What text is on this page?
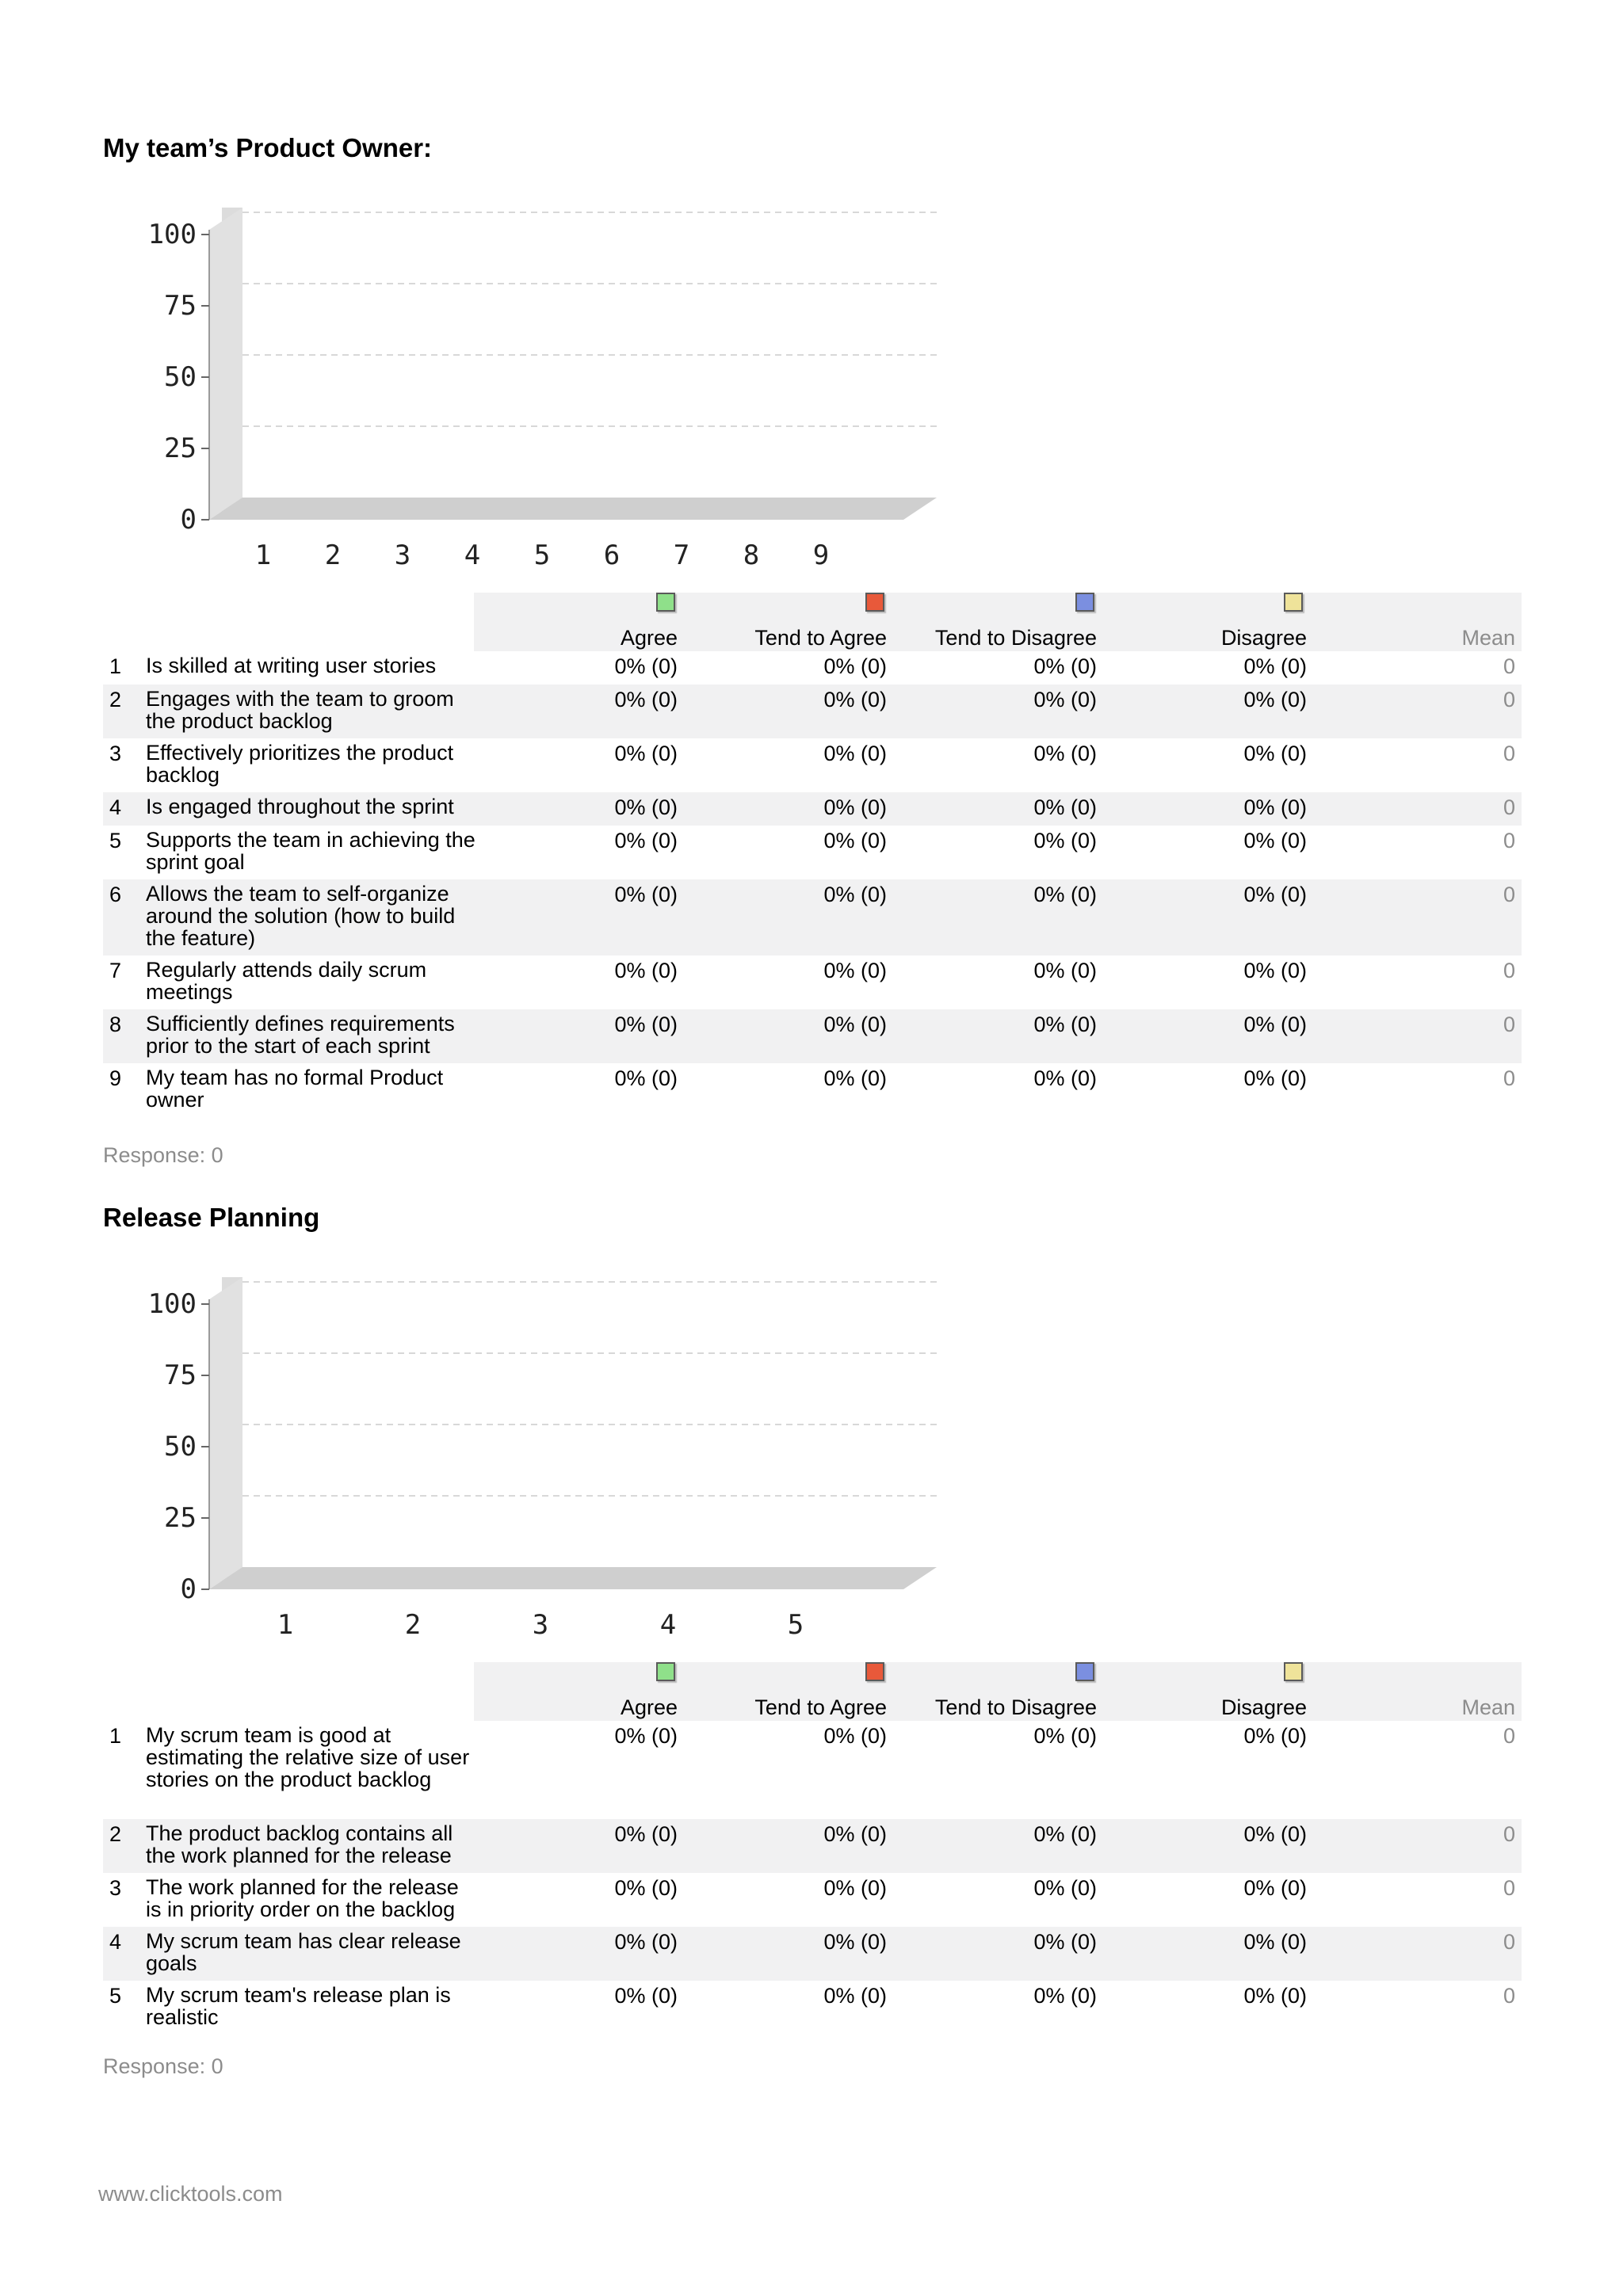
My team’s Product Owner:
0
25
50
75
100
1 2 3 4 5 6 7 8 9
Agree	Tend to Agree Tend to Disagree	Disagree	Mean
1 Is skilled at writing user stories	0% (0)	0% (0)	0% (0)	0% (0)	0
2 Engages with the team to groom the product backlog
0% (0)	0% (0)	0% (0)	0% (0)	0
3 Effectively prioritizes the product backlog
0% (0)	0% (0)	0% (0)	0% (0)	0
4 Is engaged throughout the sprint	0% (0)	0% (0)	0% (0)	0% (0)	0
5 Supports the team in achieving the sprint goal
0% (0)	0% (0)	0% (0)	0% (0)	0
6 Allows the team to self-organize around the solution (how to build the feature)
0% (0)	0% (0)	0% (0)	0% (0)	0
7 Regularly attends daily scrum meetings
0% (0)	0% (0)	0% (0)	0% (0)	0
8 Sufficiently defines requirements prior to the start of each sprint
0% (0)	0% (0)	0% (0)	0% (0)	0
9 My team has no formal Product owner
0% (0)	0% (0)	0% (0)	0% (0)	0
Response: 0
Release Planning
0
25
50
75
100
1	2	3	4	5
Agree	Tend to Agree Tend to Disagree	Disagree	Mean
1 My scrum team is good at estimating the relative size of user stories on the product backlog
0% (0)	0% (0)	0% (0)	0% (0)	0
2 The product backlog contains all the work planned for the release
0% (0)	0% (0)	0% (0)	0% (0)	0
3 The work planned for the release is in priority order on the backlog
0% (0)	0% (0)	0% (0)	0% (0)	0
4 My scrum team has clear release goals
0% (0)	0% (0)	0% (0)	0% (0)	0
5 My scrum team's release plan is realistic
0% (0)	0% (0)	0% (0)	0% (0)	0
Response: 0
www.clicktools.com
